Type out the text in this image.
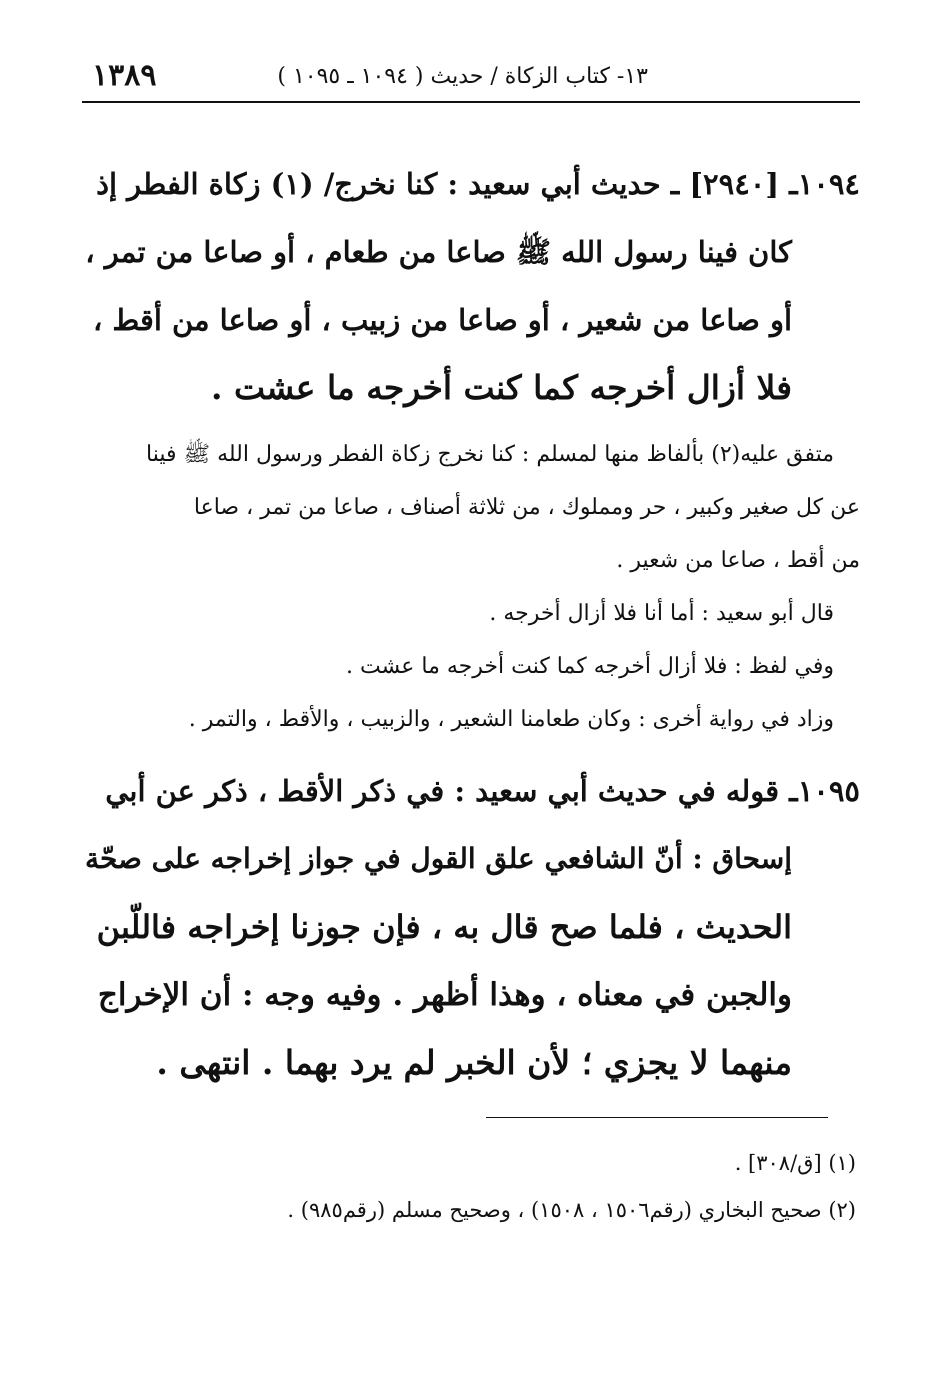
١٣- كتاب الزكاة / حديث ( ١٠٩٤ ـ ١٠٩٥ )
١٣٨٩
١٠٩٤ـ [٢٩٤٠] ـ حديث أبي سعيد : كنا نخرج/ (١) زكاة الفطر إذ
كان فينا رسول الله ﷺ صاعا من طعام ، أو صاعا من تمر ،
أو صاعا من شعير ، أو صاعا من زبيب ، أو صاعا من أقط ،
فلا أزال أخرجه كما كنت أخرجه ما عشت .
متفق عليه(٢) بألفاظ منها لمسلم : كنا نخرج زكاة الفطر ورسول الله ﷺ فينا
عن كل صغير وكبير ، حر ومملوك ، من ثلاثة أصناف ، صاعا من تمر ، صاعا
من أقط ، صاعا من شعير .
قال أبو سعيد : أما أنا فلا أزال أخرجه .
وفي لفظ : فلا أزال أخرجه كما كنت أخرجه ما عشت .
وزاد في رواية أخرى : وكان طعامنا الشعير ، والزبيب ، والأقط ، والتمر .
١٠٩٥ـ قوله في حديث أبي سعيد : في ذكر الأقط ، ذكر عن أبي
إسحاق : أنّ الشافعي علق القول في جواز إخراجه على صحّة
الحديث ، فلما صح قال به ، فإن جوزنا إخراجه فاللّبن
والجبن في معناه ، وهذا أظهر . وفيه وجه : أن الإخراج
منهما لا يجزي ؛ لأن الخبر لم يرد بهما . انتهى .
(١) [ق/٣٠٨] .
(٢) صحيح البخاري (رقم١٥٠٦ ، ١٥٠٨) ، وصحيح مسلم (رقم٩٨٥) .
